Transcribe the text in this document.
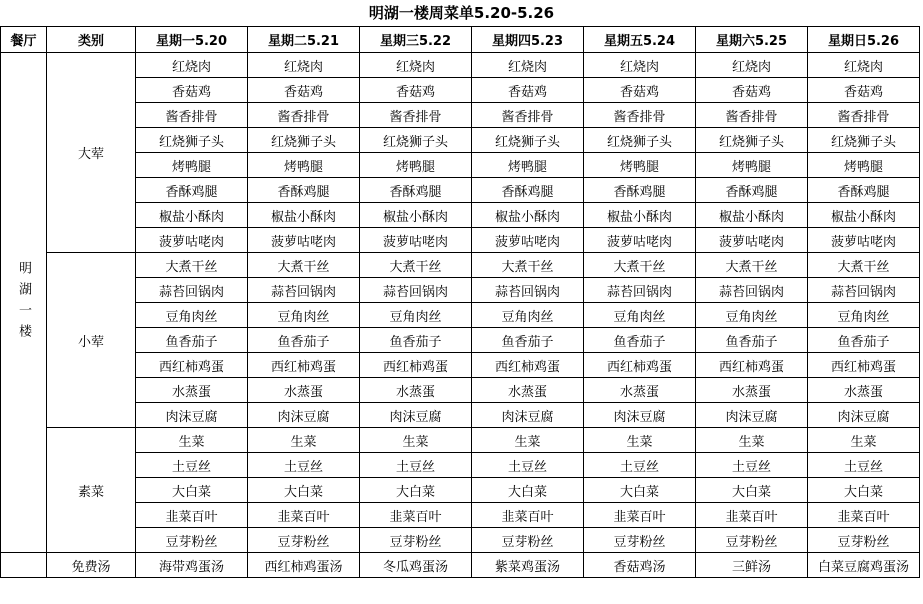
明湖一楼周菜单5.20-5.26
餐厅	类别	星期一5.20	星期二5.21	星期三5.22	星期四5.23	星期五5.24	星期六5.25	星期日5.26
明湖一楼	大荤	红烧肉	红烧肉	红烧肉	红烧肉	红烧肉	红烧肉	红烧肉
		香菇鸡	香菇鸡	香菇鸡	香菇鸡	香菇鸡	香菇鸡	香菇鸡
		酱香排骨	酱香排骨	酱香排骨	酱香排骨	酱香排骨	酱香排骨	酱香排骨
		红烧狮子头	红烧狮子头	红烧狮子头	红烧狮子头	红烧狮子头	红烧狮子头	红烧狮子头
		烤鸭腿	烤鸭腿	烤鸭腿	烤鸭腿	烤鸭腿	烤鸭腿	烤鸭腿
		香酥鸡腿	香酥鸡腿	香酥鸡腿	香酥鸡腿	香酥鸡腿	香酥鸡腿	香酥鸡腿
		椒盐小酥肉	椒盐小酥肉	椒盐小酥肉	椒盐小酥肉	椒盐小酥肉	椒盐小酥肉	椒盐小酥肉
		菠萝咕咾肉	菠萝咕咾肉	菠萝咕咾肉	菠萝咕咾肉	菠萝咕咾肉	菠萝咕咾肉	菠萝咕咾肉
	小荤	大煮干丝	大煮干丝	大煮干丝	大煮干丝	大煮干丝	大煮干丝	大煮干丝
		蒜苔回锅肉	蒜苔回锅肉	蒜苔回锅肉	蒜苔回锅肉	蒜苔回锅肉	蒜苔回锅肉	蒜苔回锅肉
		豆角肉丝	豆角肉丝	豆角肉丝	豆角肉丝	豆角肉丝	豆角肉丝	豆角肉丝
		鱼香茄子	鱼香茄子	鱼香茄子	鱼香茄子	鱼香茄子	鱼香茄子	鱼香茄子
		西红柿鸡蛋	西红柿鸡蛋	西红柿鸡蛋	西红柿鸡蛋	西红柿鸡蛋	西红柿鸡蛋	西红柿鸡蛋
		水蒸蛋	水蒸蛋	水蒸蛋	水蒸蛋	水蒸蛋	水蒸蛋	水蒸蛋
		肉沫豆腐	肉沫豆腐	肉沫豆腐	肉沫豆腐	肉沫豆腐	肉沫豆腐	肉沫豆腐
	素菜	生菜	生菜	生菜	生菜	生菜	生菜	生菜
		土豆丝	土豆丝	土豆丝	土豆丝	土豆丝	土豆丝	土豆丝
		大白菜	大白菜	大白菜	大白菜	大白菜	大白菜	大白菜
		韭菜百叶	韭菜百叶	韭菜百叶	韭菜百叶	韭菜百叶	韭菜百叶	韭菜百叶
		豆芽粉丝	豆芽粉丝	豆芽粉丝	豆芽粉丝	豆芽粉丝	豆芽粉丝	豆芽粉丝
	免费汤	海带鸡蛋汤	西红柿鸡蛋汤	冬瓜鸡蛋汤	紫菜鸡蛋汤	香菇鸡汤	三鲜汤	白菜豆腐鸡蛋汤
